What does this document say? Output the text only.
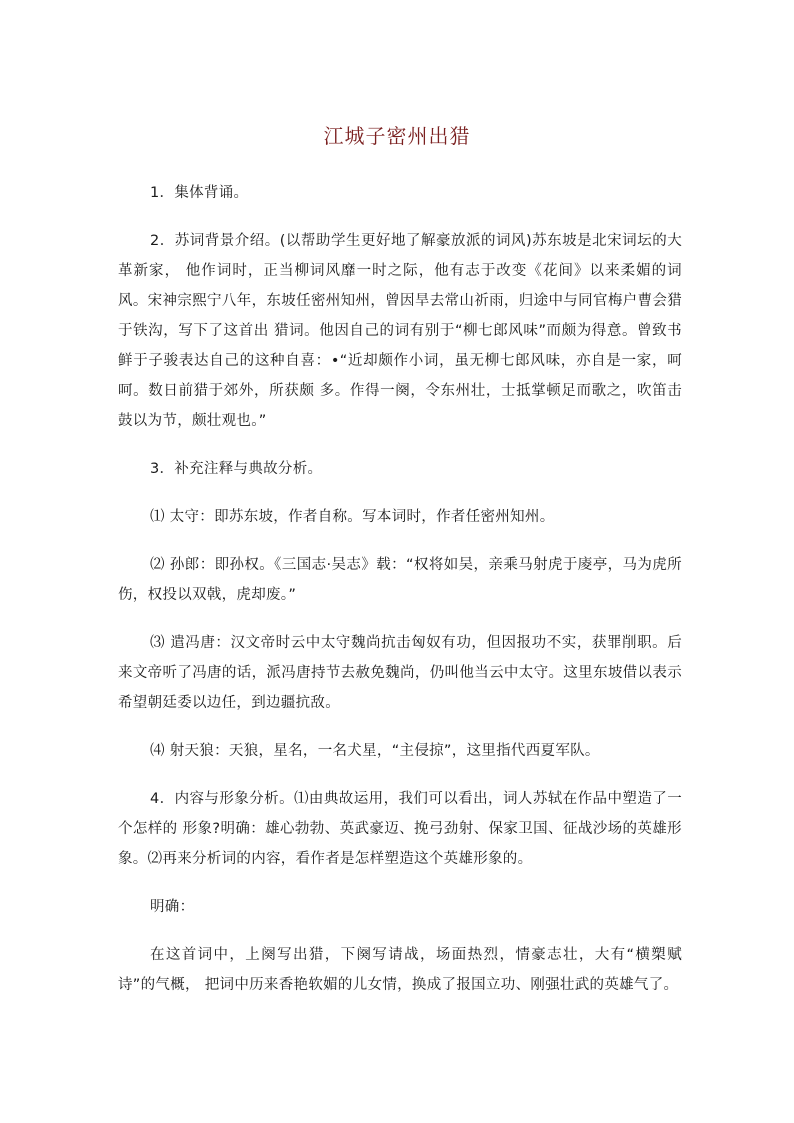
江城子密州出猎

1．集体背诵。

2．苏词背景介绍。(以帮助学生更好地了解豪放派的词风)苏东坡是北宋词坛的大革新家， 他作词时，正当柳词风靡一时之际，他有志于改变《花间》以来柔媚的词风。宋神宗熙宁八年，东坡任密州知州，曾因旱去常山祈雨，归途中与同官梅户曹会猎于铁沟，写下了这首出 猎词。他因自己的词有别于“柳七郎风味”而颇为得意。曾致书鲜于子骏表达自己的这种自喜：•“近却颇作小词，虽无柳七郎风味，亦自是一家，呵呵。数日前猎于郊外，所获颇 多。作得一阕，令东州壮，士抵掌顿足而歌之，吹笛击鼓以为节，颇壮观也。”

3．补充注释与典故分析。

⑴ 太守：即苏东坡，作者自称。写本词时，作者任密州知州。

⑵ 孙郎：即孙权。《三国志·吴志》载：“权将如吴，亲乘马射虎于庱亭，马为虎所伤，权投以双戟，虎却废。”

⑶ 遣冯唐：汉文帝时云中太守魏尚抗击匈奴有功，但因报功不实，获罪削职。后来文帝听了冯唐的话，派冯唐持节去赦免魏尚，仍叫他当云中太守。这里东坡借以表示希望朝廷委以边任，到边疆抗敌。

⑷ 射天狼：天狼，星名，一名犬星，“主侵掠”，这里指代西夏军队。

4．内容与形象分析。⑴由典故运用，我们可以看出，词人苏轼在作品中塑造了一个怎样的 形象?明确：雄心勃勃、英武豪迈、挽弓劲射、保家卫国、征战沙场的英雄形象。⑵再来分析词的内容，看作者是怎样塑造这个英雄形象的。

明确：

在这首词中，上阕写出猎，下阕写请战，场面热烈，情豪志壮，大有“横槊赋诗”的气概， 把词中历来香艳软媚的儿女情，换成了报国立功、刚强壮武的英雄气了。
